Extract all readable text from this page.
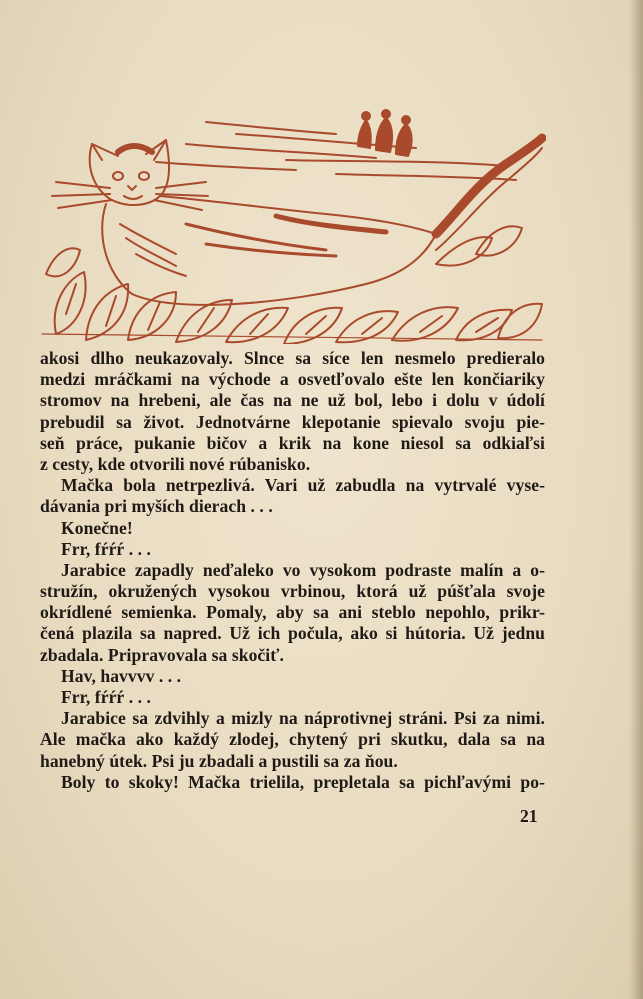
akosi dlho neukazovaly. Slnce sa síce len nesmelo predieralo
medzi mráčkami na východe a osvetľovalo ešte len končiariky
stromov na hrebeni, ale čas na ne už bol, lebo i dolu v údolí
prebudil sa život. Jednotvárne klepotanie spievalo svoju pie-
seň práce, pukanie bičov a krik na kone niesol sa odkiaľsi
z cesty, kde otvorili nové rúbanisko.
Mačka bola netrpezlivá. Vari už zabudla na vytrvalé vyse-
dávania pri myších dierach . . .
Konečne!
Frr, fŕŕŕ . . .
Jarabice zapadly neďaleko vo vysokom podraste malín a o-
stružín, okružených vysokou vrbinou, ktorá už púšťala svoje
okrídlené semienka. Pomaly, aby sa ani steblo nepohlo, prikr-
čená plazila sa napred. Už ich počula, ako si hútoria. Už jednu
zbadala. Pripravovala sa skočiť.
Hav, havvvv . . .
Frr, fŕŕŕ . . .
Jarabice sa zdvihly a mizly na náprotivnej stráni. Psi za nimi.
Ale mačka ako každý zlodej, chytený pri skutku, dala sa na
hanebný útek. Psi ju zbadali a pustili sa za ňou.
Boly to skoky! Mačka trielila, prepletala sa pichľavými po-
21
